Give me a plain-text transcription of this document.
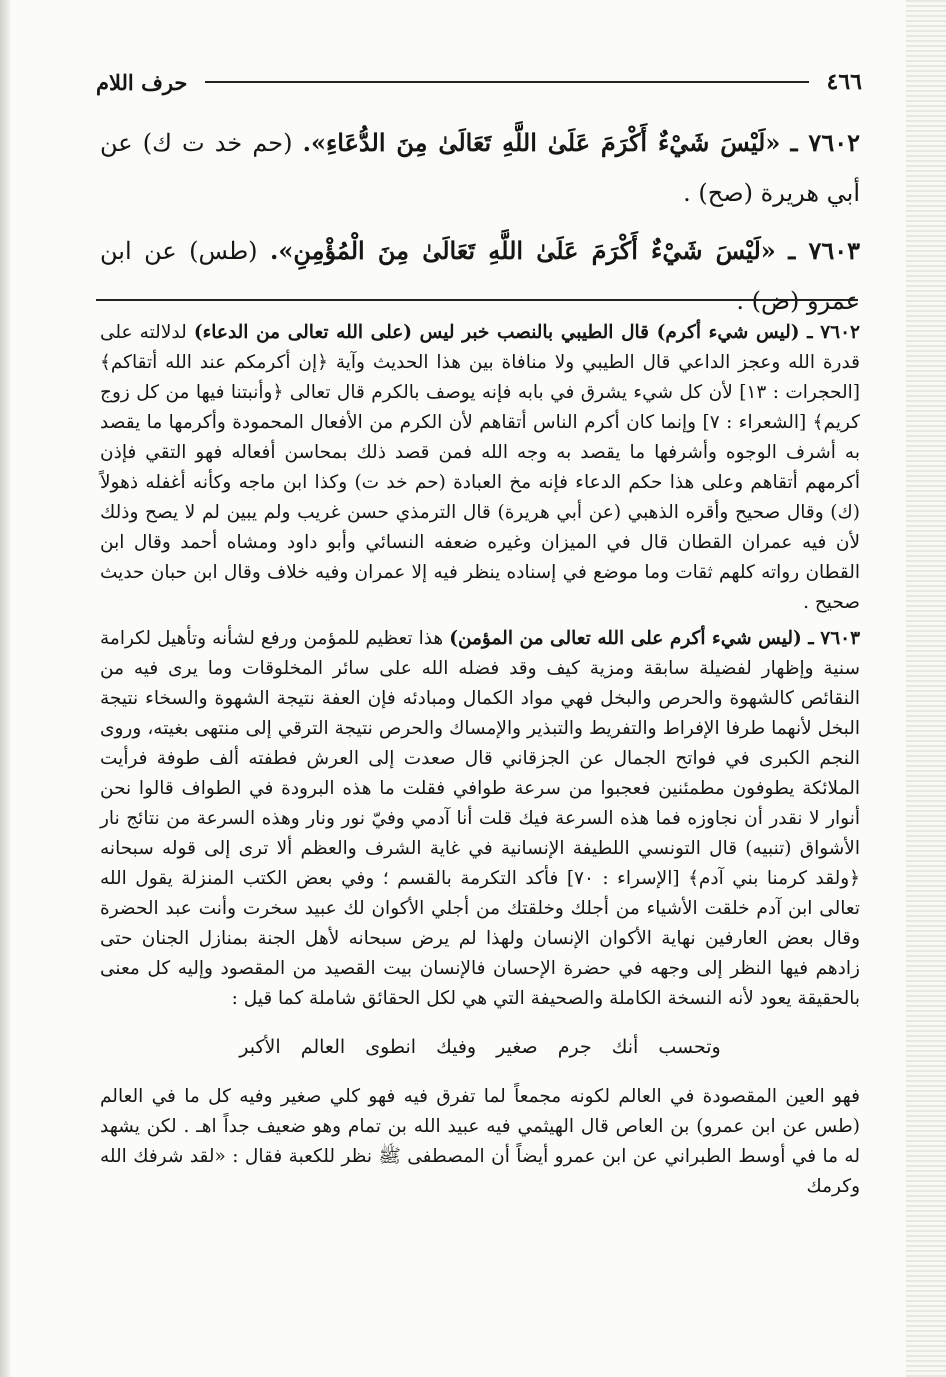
٤٦٦
حرف اللام

٧٦٠٢ ـ «لَيْسَ شَيْءٌ أَكْرَمَ عَلَىٰ اللَّهِ تَعَالَىٰ مِنَ الدُّعَاءِ». (حم خد ت ك) عن أبي هريرة (صح) .

٧٦٠٣ ـ «لَيْسَ شَيْءٌ أَكْرَمَ عَلَىٰ اللَّهِ تَعَالَىٰ مِنَ الْمُؤْمِنِ». (طس) عن ابن عمرو (ض) .

٧٦٠٢ ـ (ليس شيء أكرم) قال الطيبي بالنصب خبر ليس (على الله تعالى من الدعاء) لدلالته على قدرة الله وعجز الداعي قال الطيبي ولا منافاة بين هذا الحديث وآية ﴿إن أكرمكم عند الله أتقاكم﴾ [الحجرات : ١٣] لأن كل شيء يشرق في بابه فإنه يوصف بالكرم قال تعالى ﴿وأنبتنا فيها من كل زوج كريم﴾ [الشعراء : ٧] وإنما كان أكرم الناس أتقاهم لأن الكرم من الأفعال المحمودة وأكرمها ما يقصد به أشرف الوجوه وأشرفها ما يقصد به وجه الله فمن قصد ذلك بمحاسن أفعاله فهو التقي فإذن أكرمهم أتقاهم وعلى هذا حكم الدعاء فإنه مخ العبادة (حم خد ت) وكذا ابن ماجه وكأنه أغفله ذهولاً (ك) وقال صحيح وأقره الذهبي (عن أبي هريرة) قال الترمذي حسن غريب ولم يبين لم لا يصح وذلك لأن فيه عمران القطان قال في الميزان وغيره ضعفه النسائي وأبو داود ومشاه أحمد وقال ابن القطان رواته كلهم ثقات وما موضع في إسناده ينظر فيه إلا عمران وفيه خلاف وقال ابن حبان حديث صحيح .

٧٦٠٣ ـ (ليس شيء أكرم على الله تعالى من المؤمن) هذا تعظيم للمؤمن ورفع لشأنه وتأهيل لكرامة سنية وإظهار لفضيلة سابقة ومزية كيف وقد فضله الله على سائر المخلوقات وما يرى فيه من النقائص كالشهوة والحرص والبخل فهي مواد الكمال ومبادئه فإن العفة نتيجة الشهوة والسخاء نتيجة البخل لأنهما طرفا الإفراط والتفريط والتبذير والإمساك والحرص نتيجة الترقي إلى منتهى بغيته، وروى النجم الكبرى في فواتح الجمال عن الجزقاني قال صعدت إلى العرش فطفته ألف طوفة فرأيت الملائكة يطوفون مطمئنين فعجبوا من سرعة طوافي فقلت ما هذه البرودة في الطواف قالوا نحن أنوار لا نقدر أن نجاوزه فما هذه السرعة فيك قلت أنا آدمي وفيّ نور ونار وهذه السرعة من نتائج نار الأشواق (تنبيه) قال التونسي اللطيفة الإنسانية في غاية الشرف والعظم ألا ترى إلى قوله سبحانه ﴿ولقد كرمنا بني آدم﴾ [الإسراء : ٧٠] فأكد التكرمة بالقسم ؛ وفي بعض الكتب المنزلة يقول الله تعالى ابن آدم خلقت الأشياء من أجلك وخلقتك من أجلي الأكوان لك عبيد سخرت وأنت عبد الحضرة وقال بعض العارفين نهاية الأكوان الإنسان ولهذا لم يرض سبحانه لأهل الجنة بمنازل الجنان حتى زادهم فيها النظر إلى وجهه في حضرة الإحسان فالإنسان بيت القصيد من المقصود وإليه كل معنى بالحقيقة يعود لأنه النسخة الكاملة والصحيفة التي هي لكل الحقائق شاملة كما قيل :

وتحسب أنك جرم صغير وفيك انطوى العالم الأكبر

فهو العين المقصودة في العالم لكونه مجمعاً لما تفرق فيه فهو كلي صغير وفيه كل ما في العالم (طس عن ابن عمرو) بن العاص قال الهيثمي فيه عبيد الله بن تمام وهو ضعيف جداً اهـ . لكن يشهد له ما في أوسط الطبراني عن ابن عمرو أيضاً أن المصطفى ﷺ نظر للكعبة فقال : «لقد شرفك الله وكرمك
